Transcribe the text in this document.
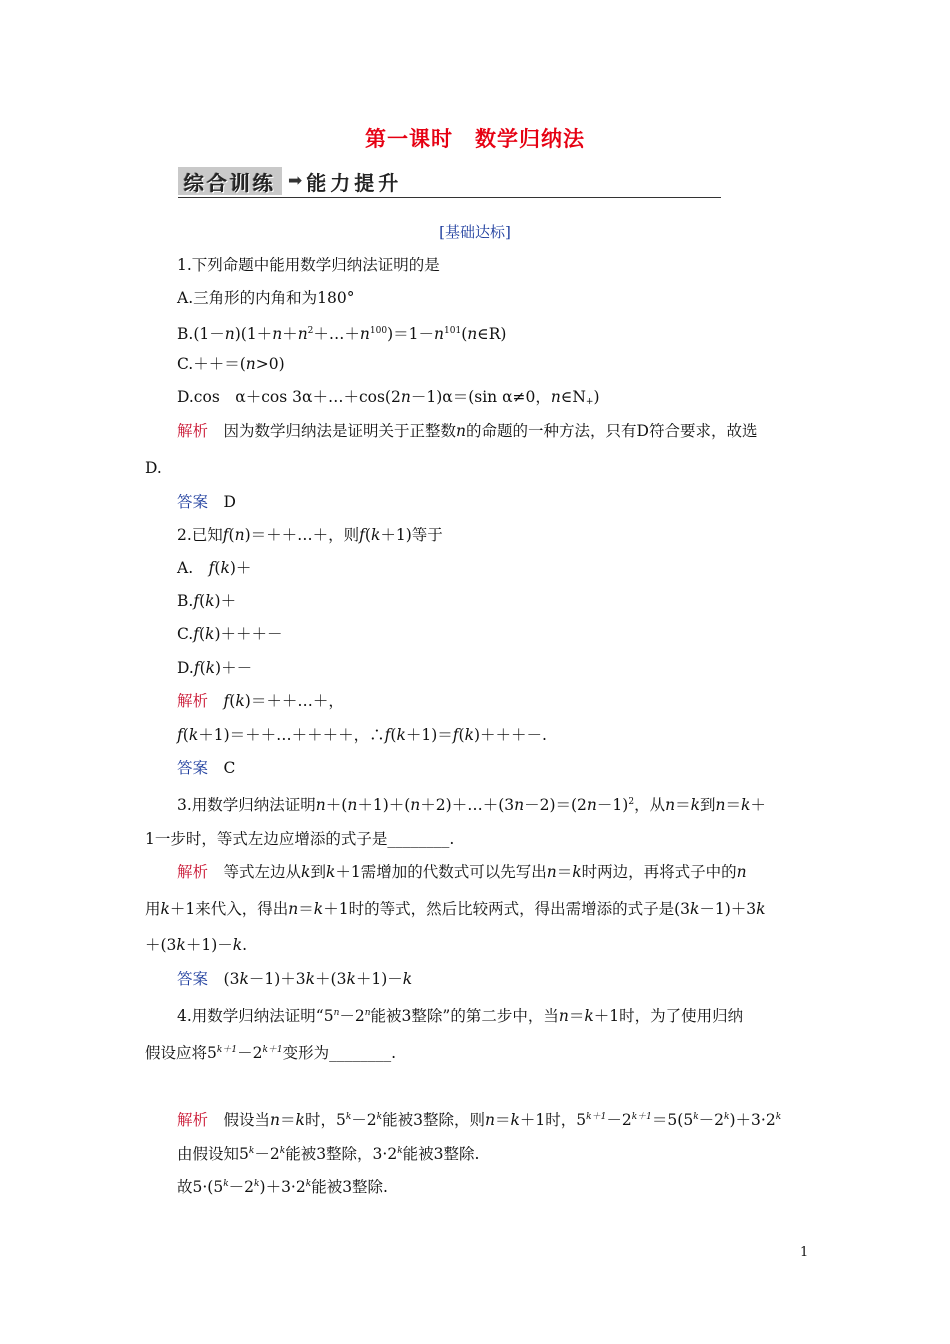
第一课时　数学归纳法
综合训练 ➡ 能力提升
[基础达标]
1.下列命题中能用数学归纳法证明的是
A.三角形的内角和为180°
$B.(1-n)(1+n+n^2+\dots+n^{100})=1-n^{101}(n\in R)$
C.＋＋＝(n>0)
D.cos　α＋cos 3α＋…＋cos(2n－1)α＝(sin α≠0，$n\in N_+$)
解析　 因为数学归纳法是证明关于正整数n的命题的一种方法，只有D符合要求，故选
D.
答案　 D
2.已知f(n)＝＋＋…＋，则f(k＋1)等于
A.　f(k)＋
B.f(k)＋
C.f(k)＋＋＋－
D.f(k)＋－
解析　 f(k)＝＋＋…＋，
f(k＋1)＝＋＋…＋＋＋＋，∴f(k＋1)＝f(k)＋＋＋－.
答案　 C
3.用数学归纳法证明$n+(n+1)+(n+2)+\dots+(3n-2)=(2n-1)^2$，从n＝k到n＝k＋
1一步时，等式左边应增添的式子是________.
解析　 等式左边从k到k＋1需增加的代数式可以先写出n＝k时两边，再将式子中的n
用k＋1来代入，得出n＝k＋1时的等式，然后比较两式，得出需增添的式子是(3k－1)＋3k
＋(3k＋1)－k.
答案　 (3k－1)＋3k＋(3k＋1)－k
4.用数学归纳法证明“$5^n-2^n$能被3整除”的第二步中，当n＝k＋1时，为了使用归纳
假设应将$5^{k+1}-2^{k+1}$变形为________.
解析　 假设当n＝k时，$5^k-2^k$能被3整除，则n＝k＋1时，$5^{k+1}-2^{k+1}=5(5^k-2^k)+3\cdot 2^k$
由假设知$5^k-2^k$能被3整除，$3\cdot 2^k$能被3整除.
故$5\cdot(5^k-2^k)+3\cdot 2^k$能被3整除.
1
